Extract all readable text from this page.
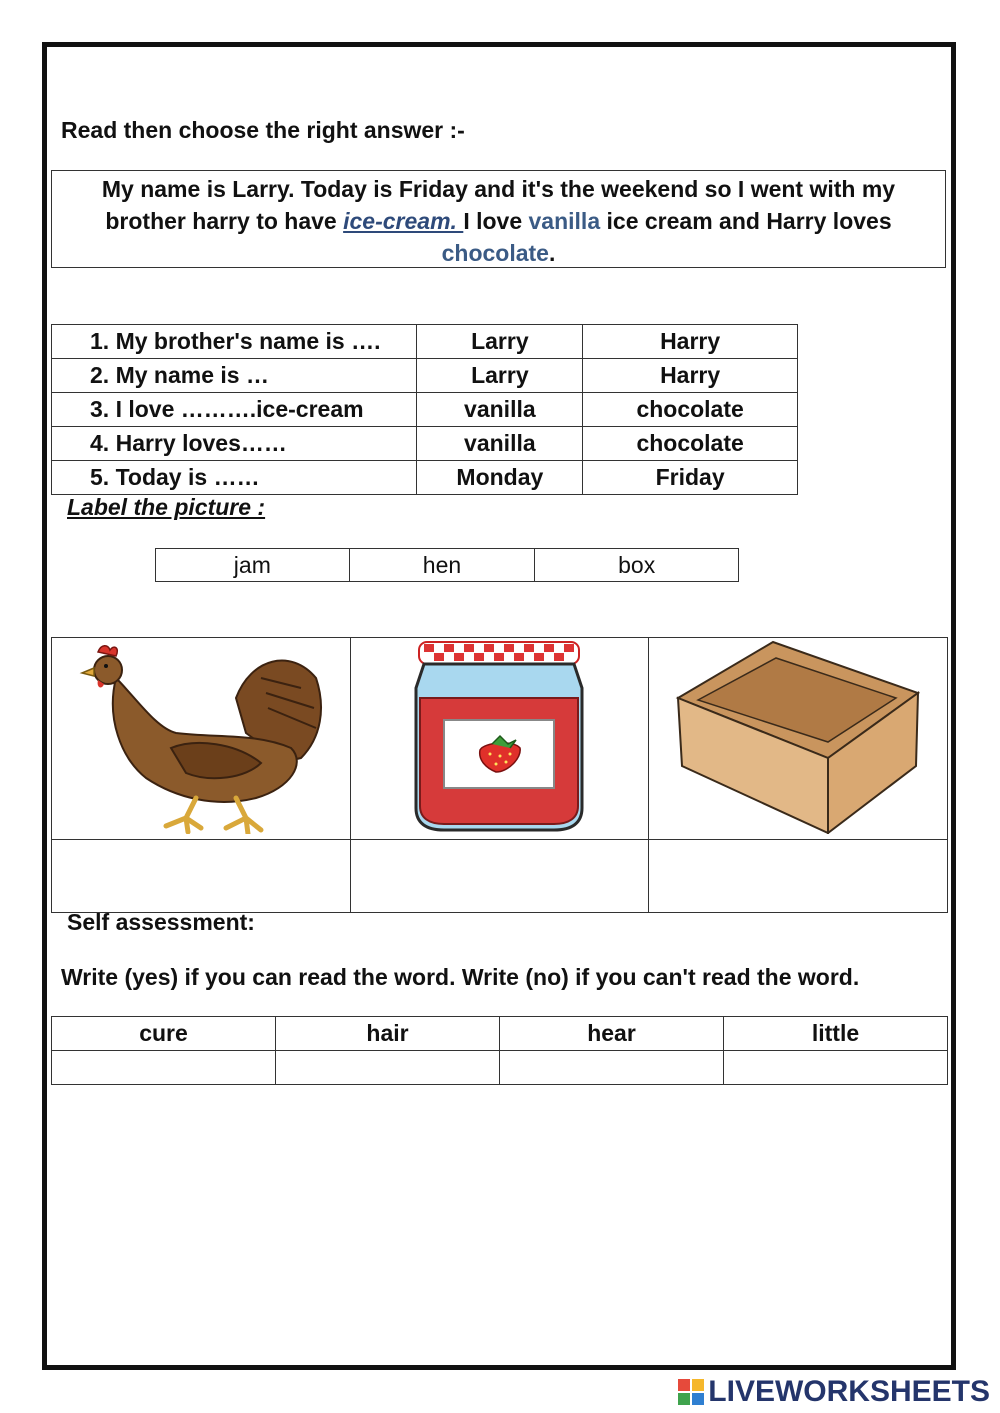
Read then choose the right answer :-
My name is Larry. Today is Friday and it's the weekend so I went with my
brother harry to have ice-cream. I love vanilla ice cream and Harry loves
chocolate.
1. My brother's name is ….	Larry	Harry
2. My name is …	Larry	Harry
3. I love ……….ice-cream	vanilla	chocolate
4. Harry loves……	vanilla	chocolate
5. Today is ……	Monday	Friday
Label the picture :
jam	hen	box

Self assessment:
Write (yes) if you can read the word. Write (no) if you can't read the word.
cure	hair	hear	little

LIVEWORKSHEETS
